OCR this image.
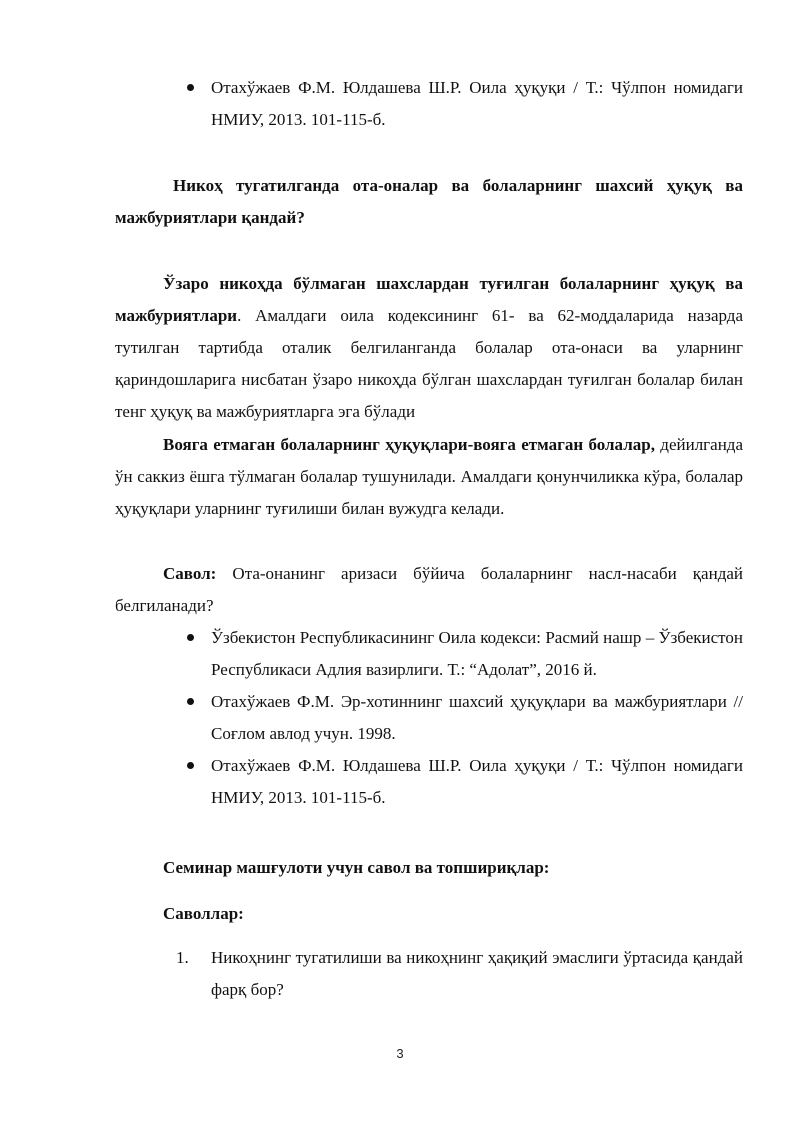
Отахўжаев Ф.М. Юлдашева Ш.Р. Оила ҳуқуқи / Т.: Чўлпон номидаги НМИУ, 2013. 101-115-б.
Никоҳ тугатилганда ота-оналар ва болаларнинг шахсий ҳуқуқ ва мажбуриятлари қандай?
Ўзаро никоҳда бўлмаган шахслардан туғилган болаларнинг ҳуқуқ ва мажбуриятлари. Амалдаги оила кодексининг 61- ва 62-моддаларида назарда тутилган тартибда оталик белгиланганда болалар ота-онаси ва уларнинг қариндошларига нисбатан ўзаро никоҳда бўлган шахслардан туғилган болалар билан тенг ҳуқуқ ва мажбуриятларга эга бўлади
Вояга етмаган болаларнинг ҳуқуқлари-вояга етмаган болалар, дейилганда ўн саккиз ёшга тўлмаган болалар тушунилади. Амалдаги қонунчиликка кўра, болалар ҳуқуқлари уларнинг туғилиши билан вужудга келади.
Савол: Ота-онанинг аризаси бўйича болаларнинг насл-насаби қандай белгиланади?
Ўзбекистон Республикасининг Оила кодекси: Расмий нашр – Ўзбекистон Республикаси Адлия вазирлиги. Т.: “Адолат”, 2016 й.
Отахўжаев Ф.М. Эр-хотиннинг шахсий ҳуқуқлари ва мажбуриятлари // Соғлом авлод учун. 1998.
Отахўжаев Ф.М. Юлдашева Ш.Р. Оила ҳуқуқи / Т.: Чўлпон номидаги НМИУ, 2013. 101-115-б.
Семинар машғулоти учун савол ва топшириқлар:
Саволлар:
1. Никоҳнинг тугатилиши ва никоҳнинг ҳақиқий эмаслиги ўртасида қандай фарқ бор?
3
